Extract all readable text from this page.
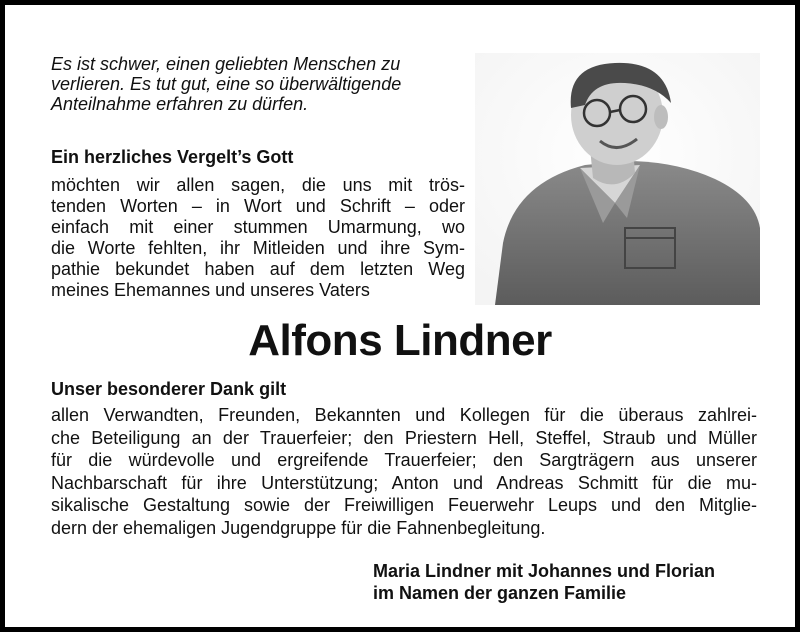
Es ist schwer, einen geliebten Menschen zu
verlieren. Es tut gut, eine so überwältigende
Anteilnahme erfahren zu dürfen.
Ein herzliches Vergelt’s Gott
möchten wir allen sagen, die uns mit trös-
tenden Worten – in Wort und Schrift – oder
einfach mit einer stummen Umarmung, wo
die Worte fehlten, ihr Mitleiden und ihre Sym-
pathie bekundet haben auf dem letzten Weg
meines Ehemannes und unseres Vaters
Alfons Lindner
Unser besonderer Dank gilt
allen Verwandten, Freunden, Bekannten und Kollegen für die überaus zahlrei-
che Beteiligung an der Trauerfeier; den Priestern Hell, Steffel, Straub und Müller
für die würdevolle und ergreifende Trauerfeier; den Sargträgern aus unserer
Nachbarschaft für ihre Unterstützung; Anton und Andreas Schmitt für die mu-
sikalische Gestaltung sowie der Freiwilligen Feuerwehr Leups und den Mitglie-
dern der ehemaligen Jugendgruppe für die Fahnenbegleitung.
Maria Lindner mit Johannes und Florian
im Namen der ganzen Familie
